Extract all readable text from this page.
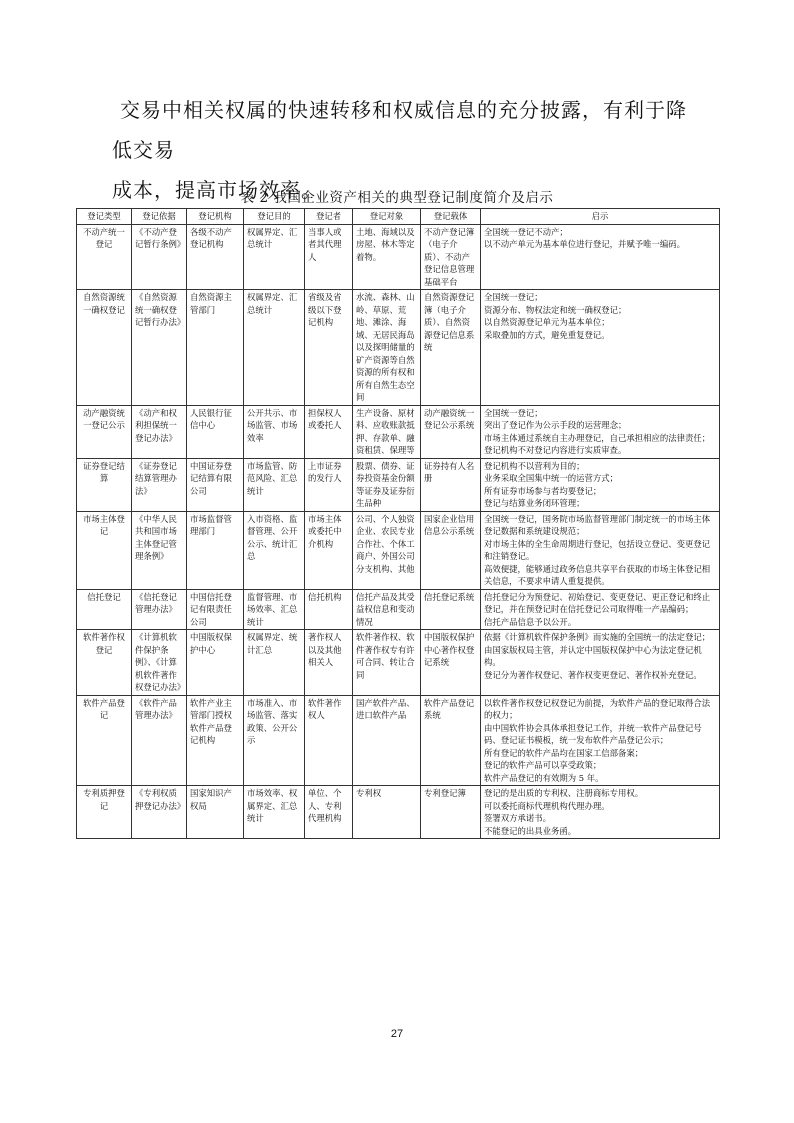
交易中相关权属的快速转移和权威信息的充分披露，有利于降低交易

成本，提高市场效率。

表 2 我国企业资产相关的典型登记制度简介及启示
登记类型	登记依据	登记机构	登记目的	登记者	登记对象	登记载体	启示
不动产统一登记	《不动产登记暂行条例》	各级不动产登记机构	权属界定、汇总统计	当事人或者其代理人	土地、海域以及房屋、林木等定着物。	不动产登记簿（电子介质）、不动产登记信息管理基础平台	全国统一登记不动产；
以不动产单元为基本单位进行登记，并赋予唯一编码。

自然资源统一确权登记	《自然资源统一确权登记暂行办法》	自然资源主管部门	权属界定、汇总统计	省级及省级以下登记机构	水流、森林、山岭、草原、荒地、滩涂、海域、无居民海岛以及探明储量的矿产资源等自然资源的所有权和所有自然生态空间	自然资源登记簿（电子介质）、自然资源登记信息系统	全国统一登记；
资源分布、物权法定和统一确权登记；
以自然资源登记单元为基本单位；
采取叠加的方式，避免重复登记。

动产融资统一登记公示	《动产和权利担保统一登记办法》	人民银行征信中心	公开共示、市场监管、市场效率	担保权人或委托人	生产设备、原材料、应收账款抵押、存款单、融资租赁、保理等	动产融资统一登记公示系统	全国统一登记；
突出了登记作为公示手段的运营理念；
市场主体通过系统自主办理登记，自己承担相应的法律责任；
登记机构不对登记内容进行实质审查。

证券登记结算	《证券登记结算管理办法》	中国证券登记结算有限公司	市场监管、防范风险、汇总统计	上市证券的发行人	股票、债券、证券投资基金份额等证券及证券衍生品种	证券持有人名册	登记机构不以营利为目的；
业务采取全国集中统一的运营方式；
所有证券市场参与者均要登记；
登记与结算业务闭环管理；

市场主体登记	《中华人民共和国市场主体登记管理条例》	市场监督管理部门	入市资格、监督管理、公开公示、统计汇总	市场主体或委托中介机构	公司、个人独资企业、农民专业合作社、个体工商户、外国公司分支机构、其他	国家企业信用信息公示系统	全国统一登记，国务院市场监督管理部门制定统一的市场主体登记数据和系统建设规范；
对市场主体的全生命周期进行登记，包括设立登记、变更登记和注销登记。
高效便捷，能够通过政务信息共享平台获取的市场主体登记相关信息，不要求申请人重复提供。

信托登记	《信托登记管理办法》	中国信托登记有限责任公司	监督管理、市场效率、汇总统计	信托机构	信托产品及其受益权信息和变动情况	信托登记系统	信托登记分为预登记、初始登记、变更登记、更正登记和终止登记，并在预登记时在信托登记公司取得唯一产品编码；
信托产品信息予以公开。

软件著作权登记	《计算机软件保护条例》、《计算机软件著作权登记办法》	中国版权保护中心	权属界定、统计汇总	著作权人以及其他相关人	软件著作权、软件著作权专有许可合同、转让合同	中国版权保护中心著作权登记系统	依据《计算机软件保护条例》而实施的全国统一的法定登记；
由国家版权局主管，并认定中国版权保护中心为法定登记机构。
登记分为著作权登记、著作权变更登记、著作权补充登记。

软件产品登记	《软件产品管理办法》	软件产业主管部门授权软件产品登记机构	市场准入、市场监管、落实政策、公开公示	软件著作权人	国产软件产品、进口软件产品	软件产品登记系统	以软件著作权登记权登记为前提，为软件产品的登记取得合法的权力；
由中国软件协会具体承担登记工作，并统一软件产品登记号码、登记证书模板，统一发布软件产品登记公示；
所有登记的软件产品均在国家工信部备案；
登记的软件产品可以享受政策；
软件产品登记的有效期为 5 年。

专利质押登记	《专利权质押登记办法》	国家知识产权局	市场效率、权属界定、汇总统计	单位、个人、专利代理机构	专利权	专利登记簿	登记的是出质的专利权、注册商标专用权。
可以委托商标代理机构代理办理。
签署双方承诺书。
不能登记的出具业务函。
27
